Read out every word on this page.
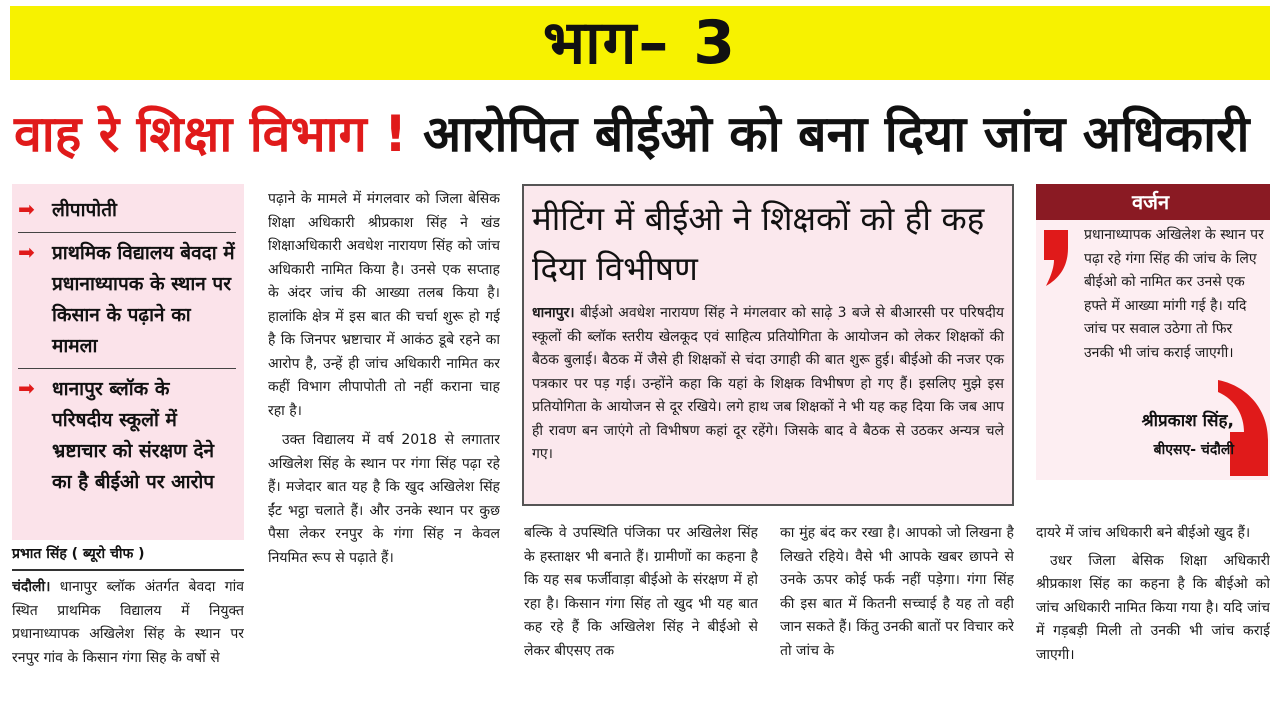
भाग– 3
वाह रे शिक्षा विभाग ! आरोपित बीईओ को बना दिया जांच अधिकारी
➡ लीपापोती
➡ प्राथमिक विद्यालय बेवदा में प्रधानाध्यापक के स्थान पर किसान के पढ़ाने का मामला
➡ धानापुर ब्लॉक के परिषदीय स्कूलों में भ्रष्टाचार को संरक्षण देने का है बीईओ पर आरोप
प्रभात सिंह ( ब्यूरो चीफ )
चंदौली। धानापुर ब्लॉक अंतर्गत बेवदा गांव स्थित प्राथमिक विद्यालय में नियुक्त प्रधानाध्यापक अखिलेश सिंह के स्थान पर रनपुर गांव के किसान गंगा सिह के वर्षो से

पढ़ाने के मामले में मंगलवार को जिला बेसिक शिक्षा अधिकारी श्रीप्रकाश सिंह ने खंड शिक्षाअधिकारी अवधेश नारायण सिंह को जांच अधिकारी नामित किया है। उनसे एक सप्ताह के अंदर जांच की आख्या तलब किया है। हालांकि क्षेत्र में इस बात की चर्चा शुरू हो गई है कि जिनपर भ्रष्टाचार में आकंठ डूबे रहने का आरोप है, उन्हें ही जांच अधिकारी नामित कर कहीं विभाग लीपापोती तो नहीं कराना चाह रहा है।

उक्त विद्यालय में वर्ष 2018 से लगातार अखिलेश सिंह के स्थान पर गंगा सिंह पढ़ा रहे हैं। मजेदार बात यह है कि खुद अखिलेश सिंह ईंट भट्ठा चलाते हैं। और उनके स्थान पर कुछ पैसा लेकर रनपुर के गंगा सिंह न केवल नियमित रूप से पढ़ाते हैं।

मीटिंग में बीईओ ने शिक्षकों को ही कह दिया विभीषण

धानापुर। बीईओ अवधेश नारायण सिंह ने मंगलवार को साढ़े 3 बजे से बीआरसी पर परिषदीय स्कूलों की ब्लॉक स्तरीय खेलकूद एवं साहित्य प्रतियोगिता के आयोजन को लेकर शिक्षकों की बैठक बुलाई। बैठक में जैसे ही शिक्षकों से चंदा उगाही की बात शुरू हुई। बीईओ की नजर एक पत्रकार पर पड़ गई। उन्होंने कहा कि यहां के शिक्षक विभीषण हो गए हैं। इसलिए मुझे इस प्रतियोगिता के आयोजन से दूर रखिये। लगे हाथ जब शिक्षकों ने भी यह कह दिया कि जब आप ही रावण बन जाएंगे तो विभीषण कहां दूर रहेंगे। जिसके बाद वे बैठक से उठकर अन्यत्र चले गए।

बल्कि वे उपस्थिति पंजिका पर अखिलेश सिंह के हस्ताक्षर भी बनाते हैं। ग्रामीणों का कहना है कि यह सब फर्जीवाड़ा बीईओ के संरक्षण में हो रहा है। किसान गंगा सिंह तो खुद भी यह बात कह रहे हैं कि अखिलेश सिंह ने बीईओ से लेकर बीएसए तक
का मुंह बंद कर रखा है। आपको जो लिखना है लिखते रहिये। वैसे भी आपके खबर छापने से उनके ऊपर कोई फर्क नहीं पड़ेगा। गंगा सिंह की इस बात में कितनी सच्चाई है यह तो वही जान सकते हैं। किंतु उनकी बातों पर विचार करे तो जांच के
वर्जन
प्रधानाध्यापक अखिलेश के स्थान पर पढ़ा रहे गंगा सिंह की जांच के लिए बीईओ को नामित कर उनसे एक हफ्ते में आख्या मांगी गई है। यदि जांच पर सवाल उठेगा तो फिर उनकी भी जांच कराई जाएगी।
श्रीप्रकाश सिंह,
बीएसए- चंदौली

दायरे में जांच अधिकारी बने बीईओ खुद हैं।

उधर जिला बेसिक शिक्षा अधिकारी श्रीप्रकाश सिंह का कहना है कि बीईओ को जांच अधिकारी नामित किया गया है। यदि जांच में गड़बड़ी मिली तो उनकी भी जांच कराई जाएगी।
